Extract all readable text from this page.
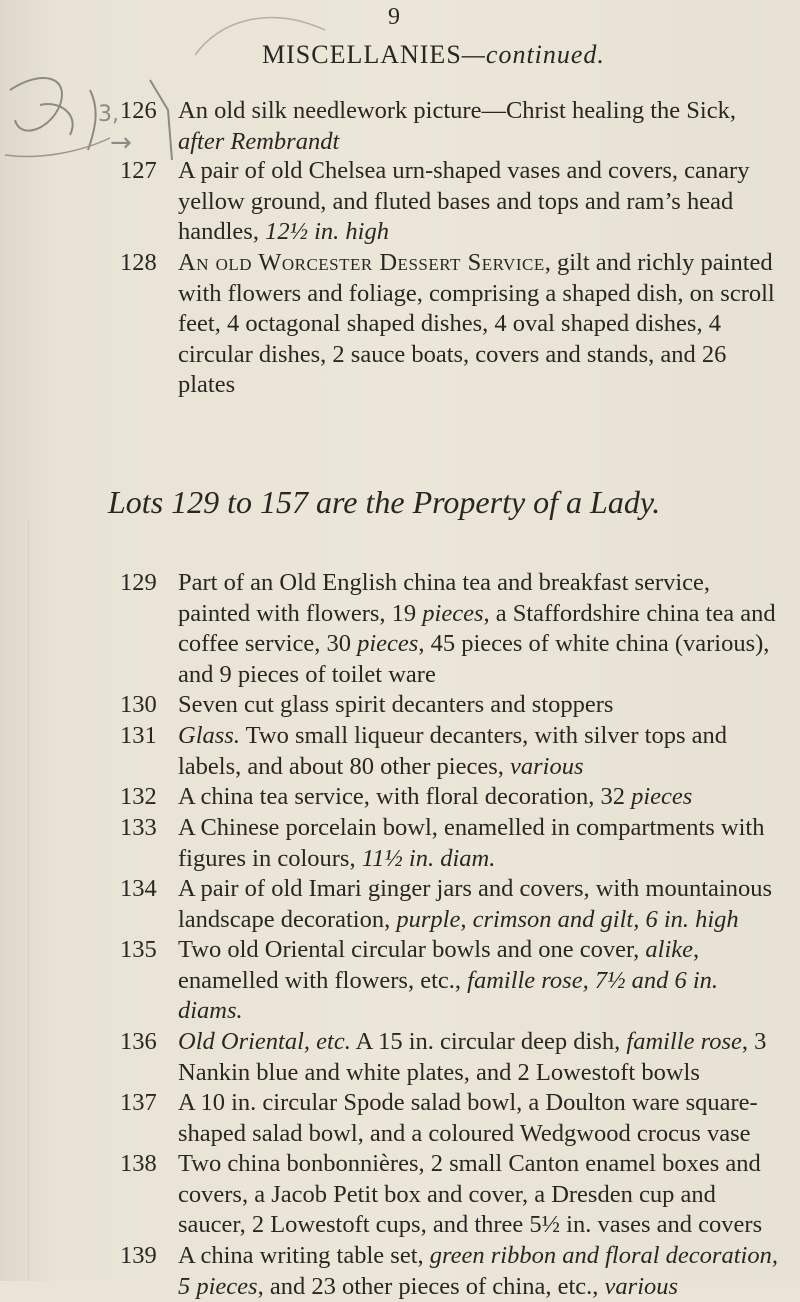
3,
→
9
MISCELLANIES—continued.
126 An old silk needlework picture—Christ healing the Sick, after Rembrandt

127 A pair of old Chelsea urn-shaped vases and covers, canary yellow ground, and fluted bases and tops and ram’s head handles, 12½ in. high

128 An old Worcester Dessert Service, gilt and richly painted with flowers and foliage, comprising a shaped dish, on scroll feet, 4 octagonal shaped dishes, 4 oval shaped dishes, 4 circular dishes, 2 sauce boats, covers and stands, and 26 plates

Lots 129 to 157 are the Property of a Lady.
129 Part of an Old English china tea and breakfast service, painted with flowers, 19 pieces, a Staffordshire china tea and coffee service, 30 pieces, 45 pieces of white china (various), and 9 pieces of toilet ware

130 Seven cut glass spirit decanters and stoppers

131 Glass. Two small liqueur decanters, with silver tops and labels, and about 80 other pieces, various

132 A china tea service, with floral decoration, 32 pieces

133 A Chinese porcelain bowl, enamelled in compartments with figures in colours, 11½ in. diam.

134 A pair of old Imari ginger jars and covers, with mountainous landscape decoration, purple, crimson and gilt, 6 in. high

135 Two old Oriental circular bowls and one cover, alike, enamelled with flowers, etc., famille rose, 7½ and 6 in. diams.

136 Old Oriental, etc. A 15 in. circular deep dish, famille rose, 3 Nankin blue and white plates, and 2 Lowestoft bowls

137 A 10 in. circular Spode salad bowl, a Doulton ware square-shaped salad bowl, and a coloured Wedgwood crocus vase

138 Two china bonbonnières, 2 small Canton enamel boxes and covers, a Jacob Petit box and cover, a Dresden cup and saucer, 2 Lowestoft cups, and three 5½ in. vases and covers

139 A china writing table set, green ribbon and floral decoration, 5 pieces, and 23 other pieces of china, etc., various
